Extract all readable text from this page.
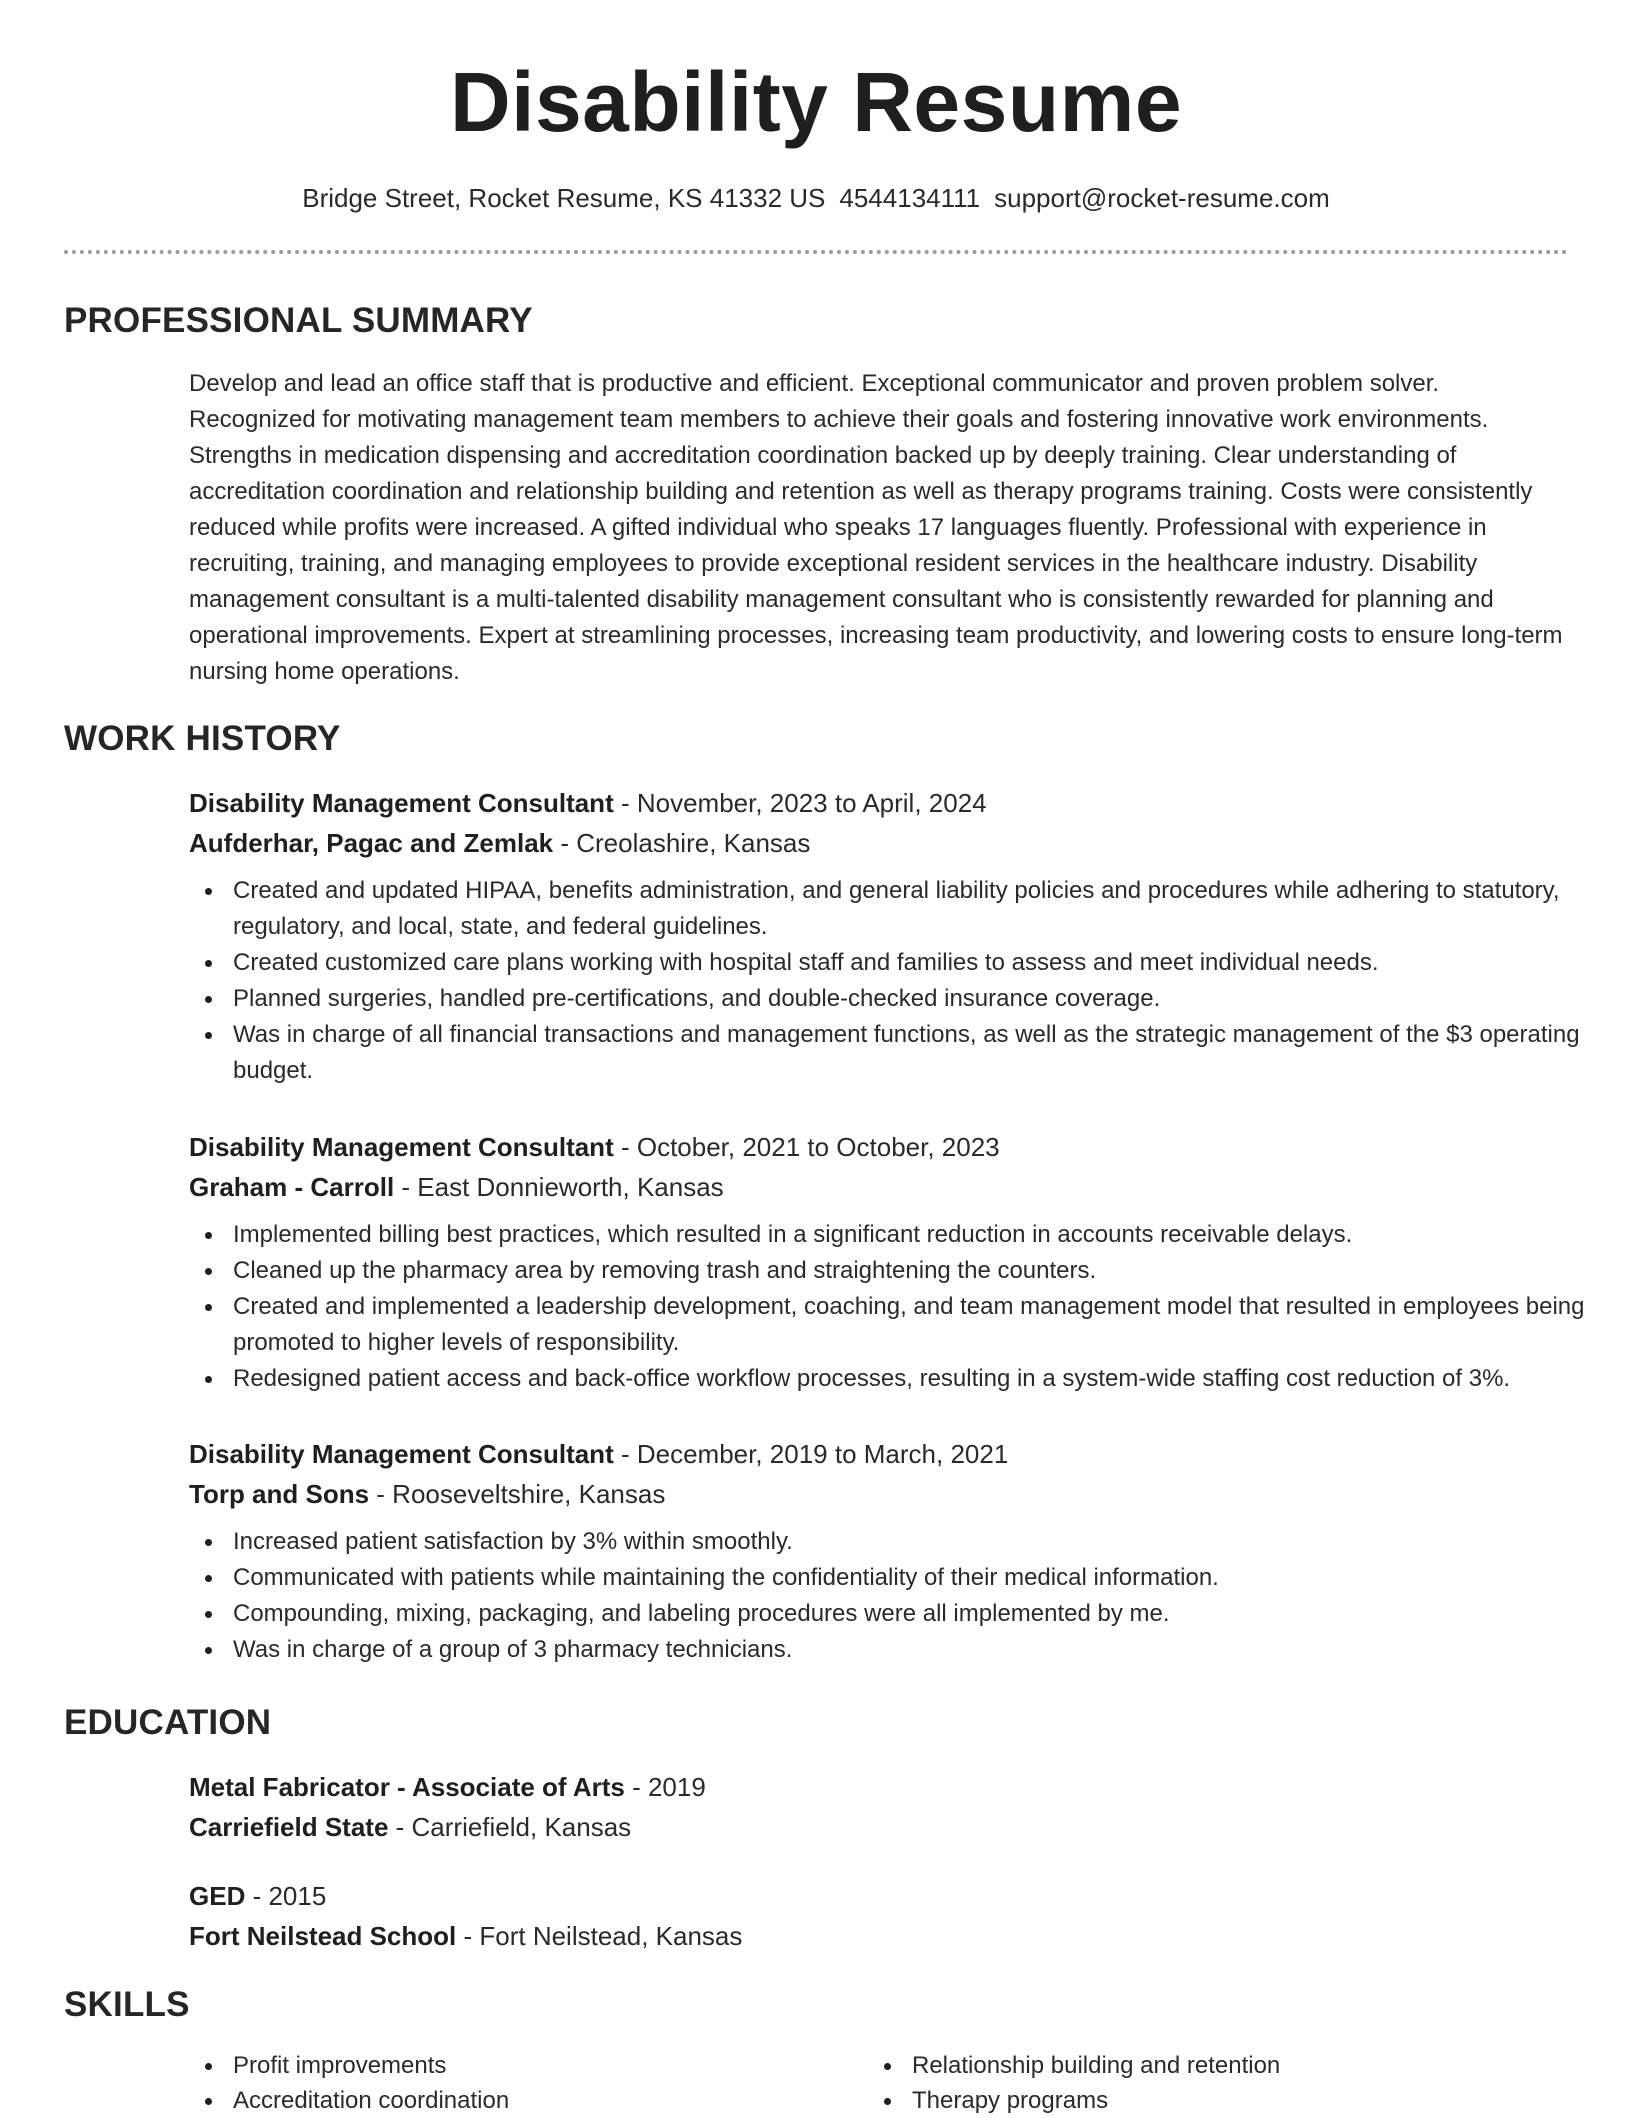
Disability Resume
Bridge Street, Rocket Resume, KS 41332 US 4544134111 support@rocket-resume.com
PROFESSIONAL SUMMARY

Develop and lead an office staff that is productive and efficient. Exceptional communicator and proven problem solver. Recognized for motivating management team members to achieve their goals and fostering innovative work environments. Strengths in medication dispensing and accreditation coordination backed up by deeply training. Clear understanding of accreditation coordination and relationship building and retention as well as therapy programs training. Costs were consistently reduced while profits were increased. A gifted individual who speaks 17 languages fluently. Professional with experience in recruiting, training, and managing employees to provide exceptional resident services in the healthcare industry. Disability management consultant is a multi-talented disability management consultant who is consistently rewarded for planning and operational improvements. Expert at streamlining processes, increasing team productivity, and lowering costs to ensure long-term nursing home operations.

WORK HISTORY
Disability Management Consultant - November, 2023 to April, 2024
Aufderhar, Pagac and Zemlak - Creolashire, Kansas
Created and updated HIPAA, benefits administration, and general liability policies and procedures while adhering to statutory, regulatory, and local, state, and federal guidelines.
Created customized care plans working with hospital staff and families to assess and meet individual needs.
Planned surgeries, handled pre-certifications, and double-checked insurance coverage.
Was in charge of all financial transactions and management functions, as well as the strategic management of the $3 operating budget.
Disability Management Consultant - October, 2021 to October, 2023
Graham - Carroll - East Donnieworth, Kansas
Implemented billing best practices, which resulted in a significant reduction in accounts receivable delays.
Cleaned up the pharmacy area by removing trash and straightening the counters.
Created and implemented a leadership development, coaching, and team management model that resulted in employees being promoted to higher levels of responsibility.
Redesigned patient access and back-office workflow processes, resulting in a system-wide staffing cost reduction of 3%.
Disability Management Consultant - December, 2019 to March, 2021
Torp and Sons - Rooseveltshire, Kansas
Increased patient satisfaction by 3% within smoothly.
Communicated with patients while maintaining the confidentiality of their medical information.
Compounding, mixing, packaging, and labeling procedures were all implemented by me.
Was in charge of a group of 3 pharmacy technicians.
EDUCATION
Metal Fabricator - Associate of Arts - 2019
Carriefield State - Carriefield, Kansas
GED - 2015
Fort Neilstead School - Fort Neilstead, Kansas
SKILLS
Profit improvements	Relationship building and retention
Accreditation coordination	Therapy programs
